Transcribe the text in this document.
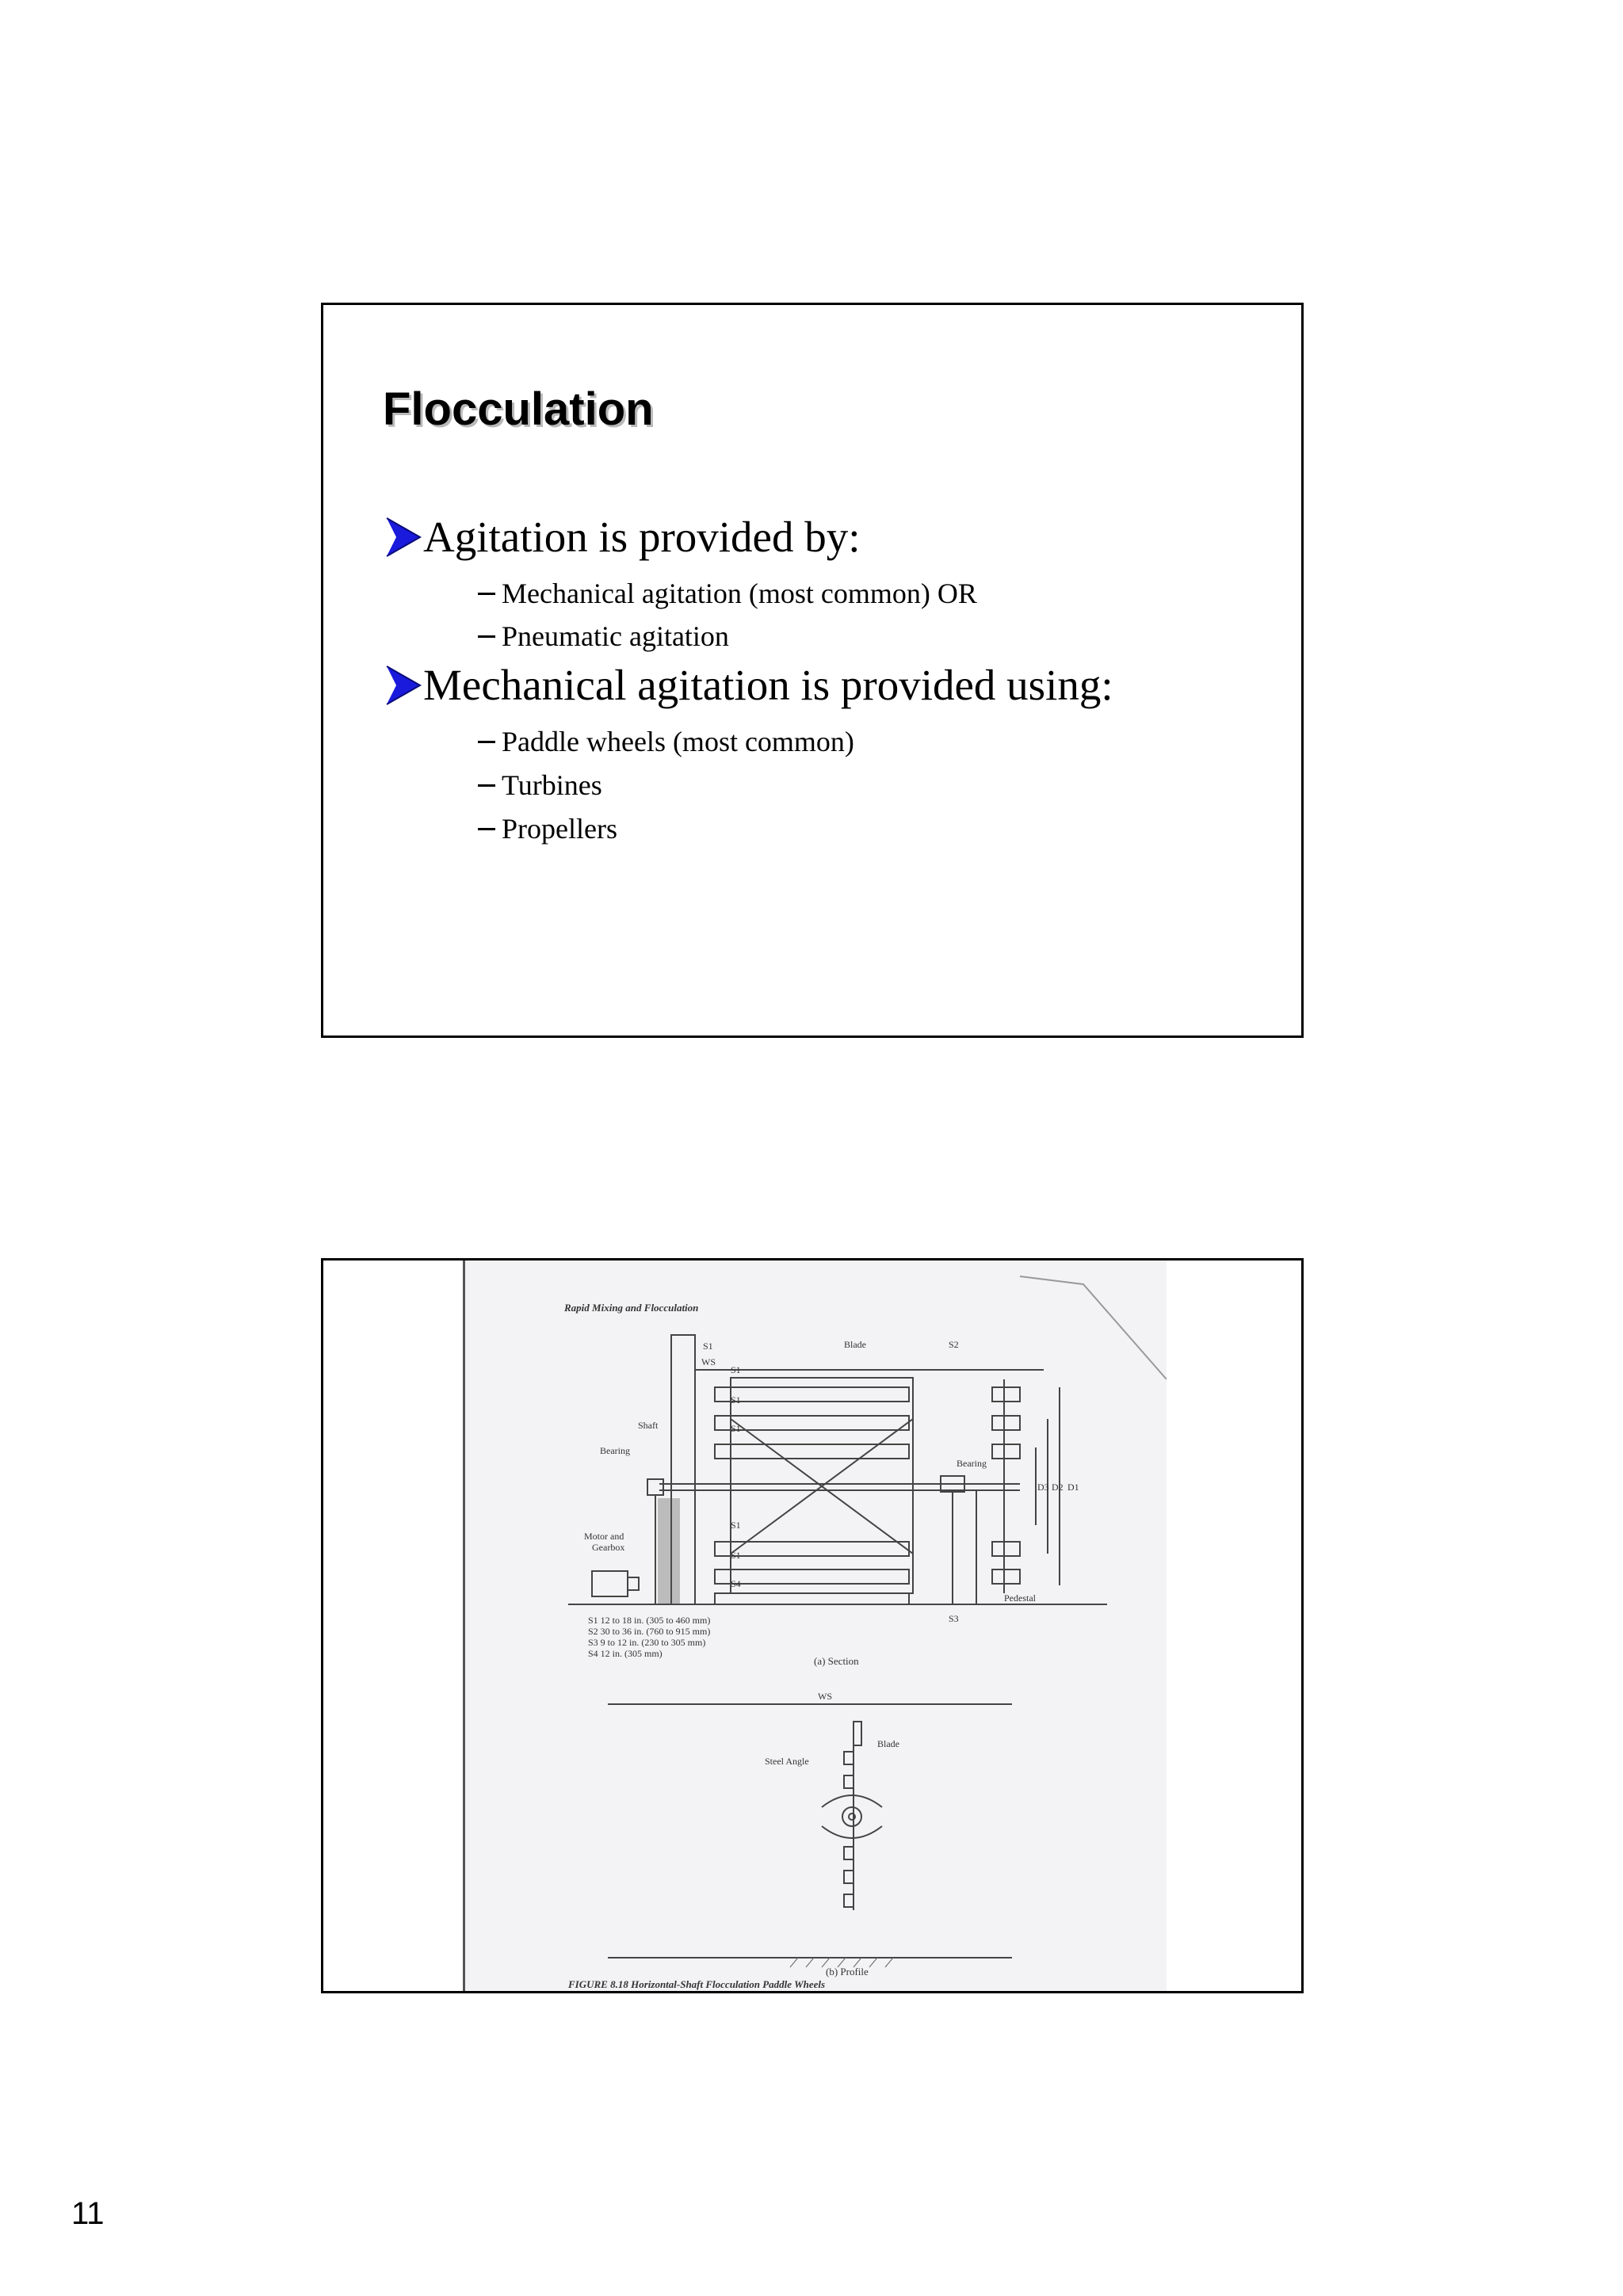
Flocculation
Agitation is provided by:
Mechanical agitation (most common) OR
Pneumatic agitation
Mechanical agitation is provided using:
Paddle wheels (most common)
Turbines
Propellers
Rapid Mixing and Flocculation
Blade
Shaft
Bearing
Bearing
Motor and
Gearbox
Pedestal
WS
S1
S1
S1
S1
S1
S1
S4
S2
S3
D1
D2
D3
S1 12 to 18 in. (305 to 460 mm)
S2 30 to 36 in. (760 to 915 mm)
S3 9 to 12 in. (230 to 305 mm)
S4 12 in. (305 mm)
(a) Section
WS
Blade
Steel Angle
(b) Profile
FIGURE 8.18 Horizontal-Shaft Flocculation Paddle Wheels
11
